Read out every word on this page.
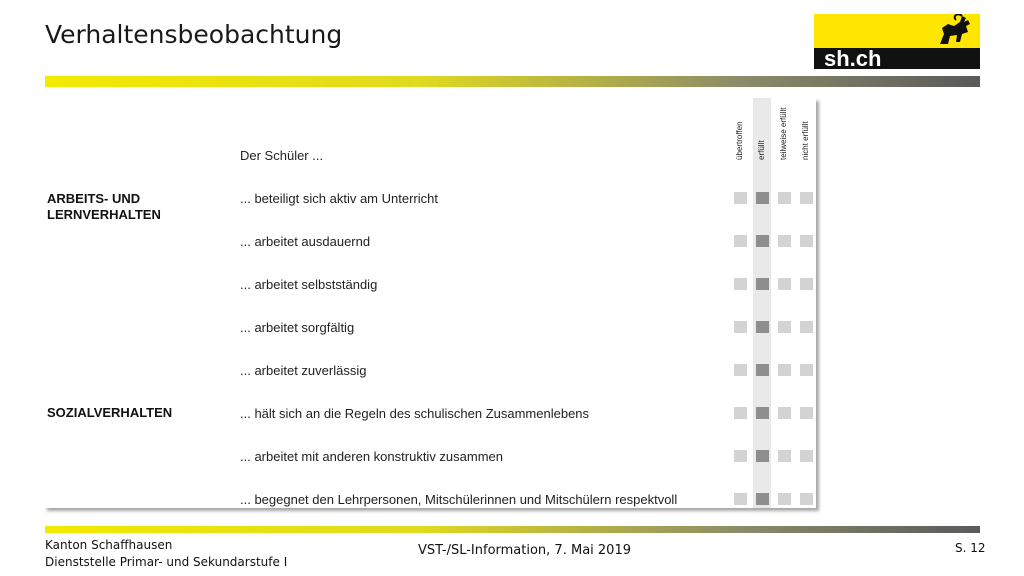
Verhaltensbeobachtung
sh.ch
übertroffen erfüllt teilweise erfüllt nicht erfüllt
Der Schüler ...
ARBEITS- UND
LERNVERHALTEN
SOZIALVERHALTEN
... beteiligt sich aktiv am Unterricht
... arbeitet ausdauernd
... arbeitet selbstständig
... arbeitet sorgfältig
... arbeitet zuverlässig
... hält sich an die Regeln des schulischen Zusammenlebens
... arbeitet mit anderen konstruktiv zusammen
... begegnet den Lehrpersonen, Mitschülerinnen und Mitschülern respektvoll
Kanton Schaffhausen
Dienststelle Primar- und Sekundarstufe I
VST-/SL-Information, 7. Mai 2019	S. 12
